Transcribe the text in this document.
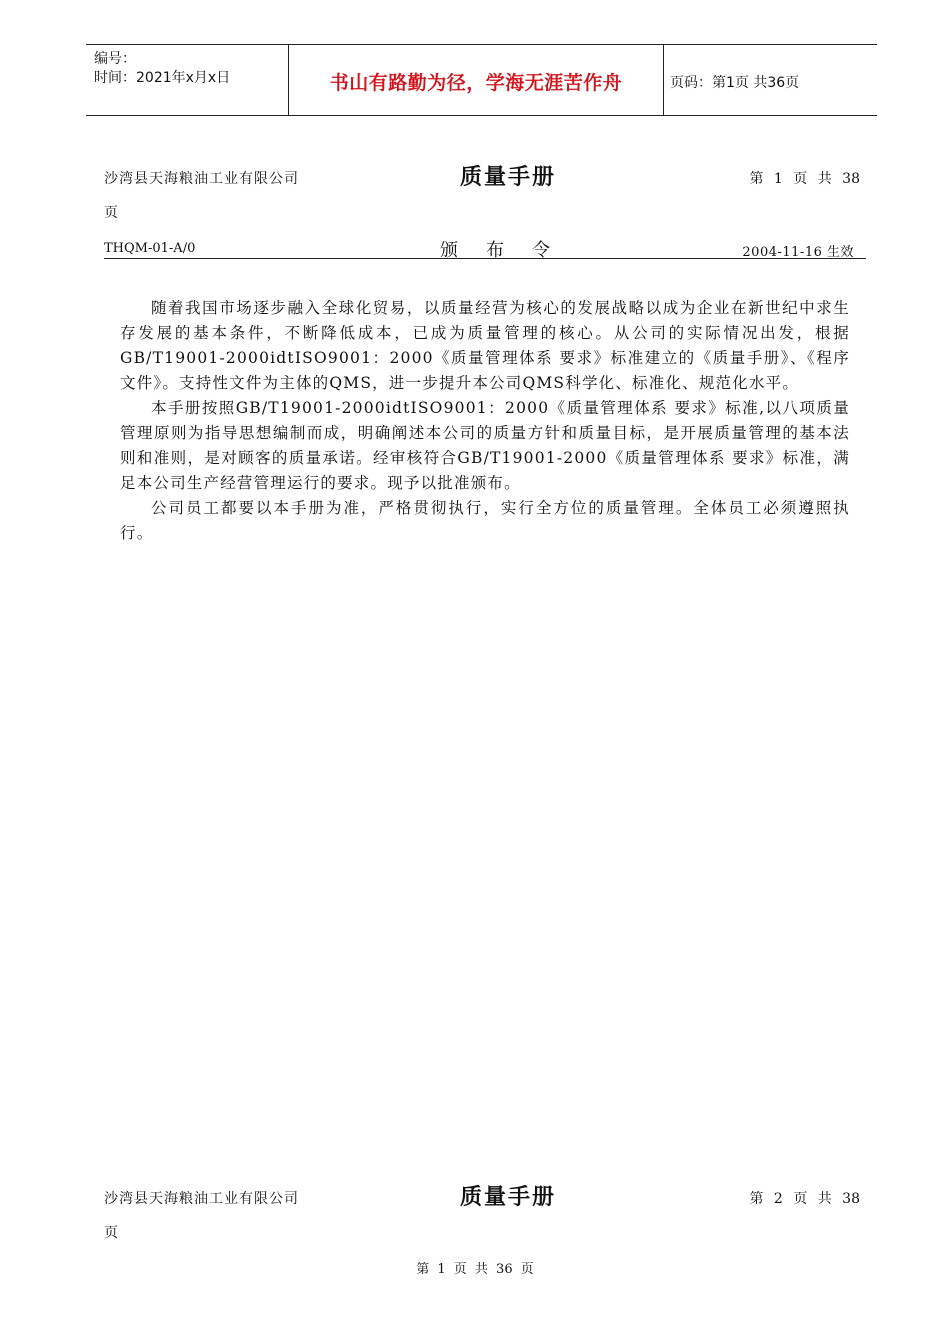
编号：
时间：2021年x月x日	书山有路勤为径，学海无涯苦作舟	页码：第1页 共36页
沙湾县天海粮油工业有限公司	质量手册	第 1 页 共 38
页
THQM-01-A/0	颁布令	2004-11-16 生效

随着我国市场逐步融入全球化贸易，以质量经营为核心的发展战略以成为企业在新世纪中求生存发展的基本条件，不断降低成本，已成为质量管理的核心。从公司的实际情况出发，根据GB/T19001-2000idtISO9001：2000《质量管理体系 要求》标准建立的《质量手册》、《程序文件》。支持性文件为主体的QMS，进一步提升本公司QMS科学化、标准化、规范化水平。

本手册按照GB/T19001-2000idtISO9001：2000《质量管理体系 要求》标准,以八项质量管理原则为指导思想编制而成，明确阐述本公司的质量方针和质量目标，是开展质量管理的基本法则和准则，是对顾客的质量承诺。经审核符合GB/T19001-2000《质量管理体系 要求》标准，满足本公司生产经营管理运行的要求。现予以批准颁布。

公司员工都要以本手册为准，严格贯彻执行，实行全方位的质量管理。全体员工必须遵照执行。

沙湾县天海粮油工业有限公司	质量手册	第 2 页 共 38
页
第 1 页 共 36 页
